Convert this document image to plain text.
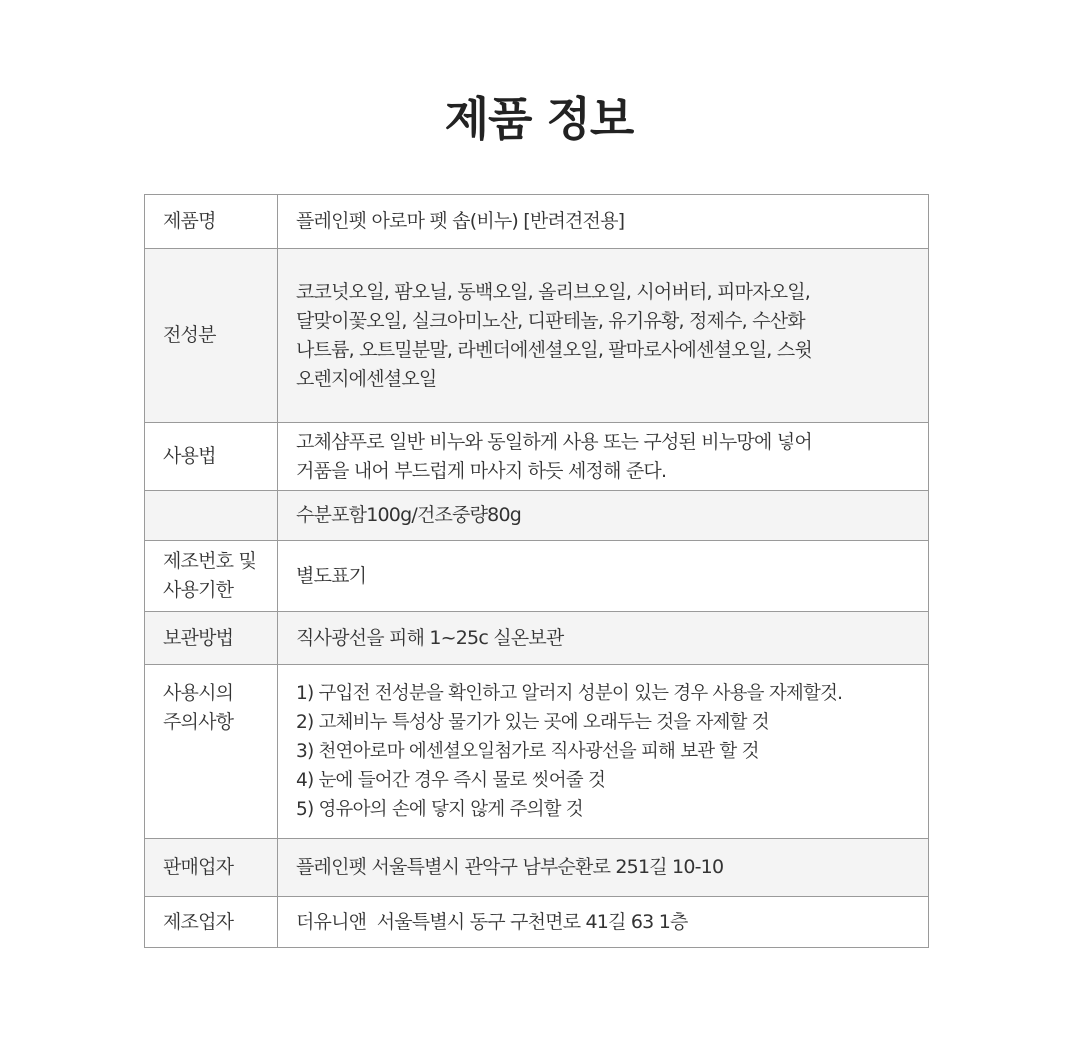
제품 정보
제품명	플레인펫 아로마 펫 솝(비누) [반려견전용]

전성분	코코넛오일, 팜오닐, 동백오일, 올리브오일, 시어버터, 피마자오일,
달맞이꽃오일, 실크아미노산, 디판테놀, 유기유황, 정제수, 수산화
나트륨, 오트밀분말, 라벤더에센셜오일, 팔마로사에센셜오일, 스윗
오렌지에센셜오일

사용법	고체샴푸로 일반 비누와 동일하게 사용 또는 구성된 비누망에 넣어
거품을 내어 부드럽게 마사지 하듯 세정해 준다.

	수분포함100g/건조중량80g

제조번호 및
사용기한	별도표기

보관방법	직사광선을 피해 1~25c 실온보관

사용시의
주의사항	1) 구입전 전성분을 확인하고 알러지 성분이 있는 경우 사용을 자제할것.
2) 고체비누 특성상 물기가 있는 곳에 오래두는 것을 자제할 것
3) 천연아로마 에센셜오일첨가로 직사광선을 피해 보관 할 것
4) 눈에 들어간 경우 즉시 물로 씻어줄 것
5) 영유아의 손에 닿지 않게 주의할 것

판매업자	플레인펫 서울특별시 관악구 남부순환로 251길 10-10

제조업자	더유니앤  서울특별시 동구 구천면로 41길 63 1층
